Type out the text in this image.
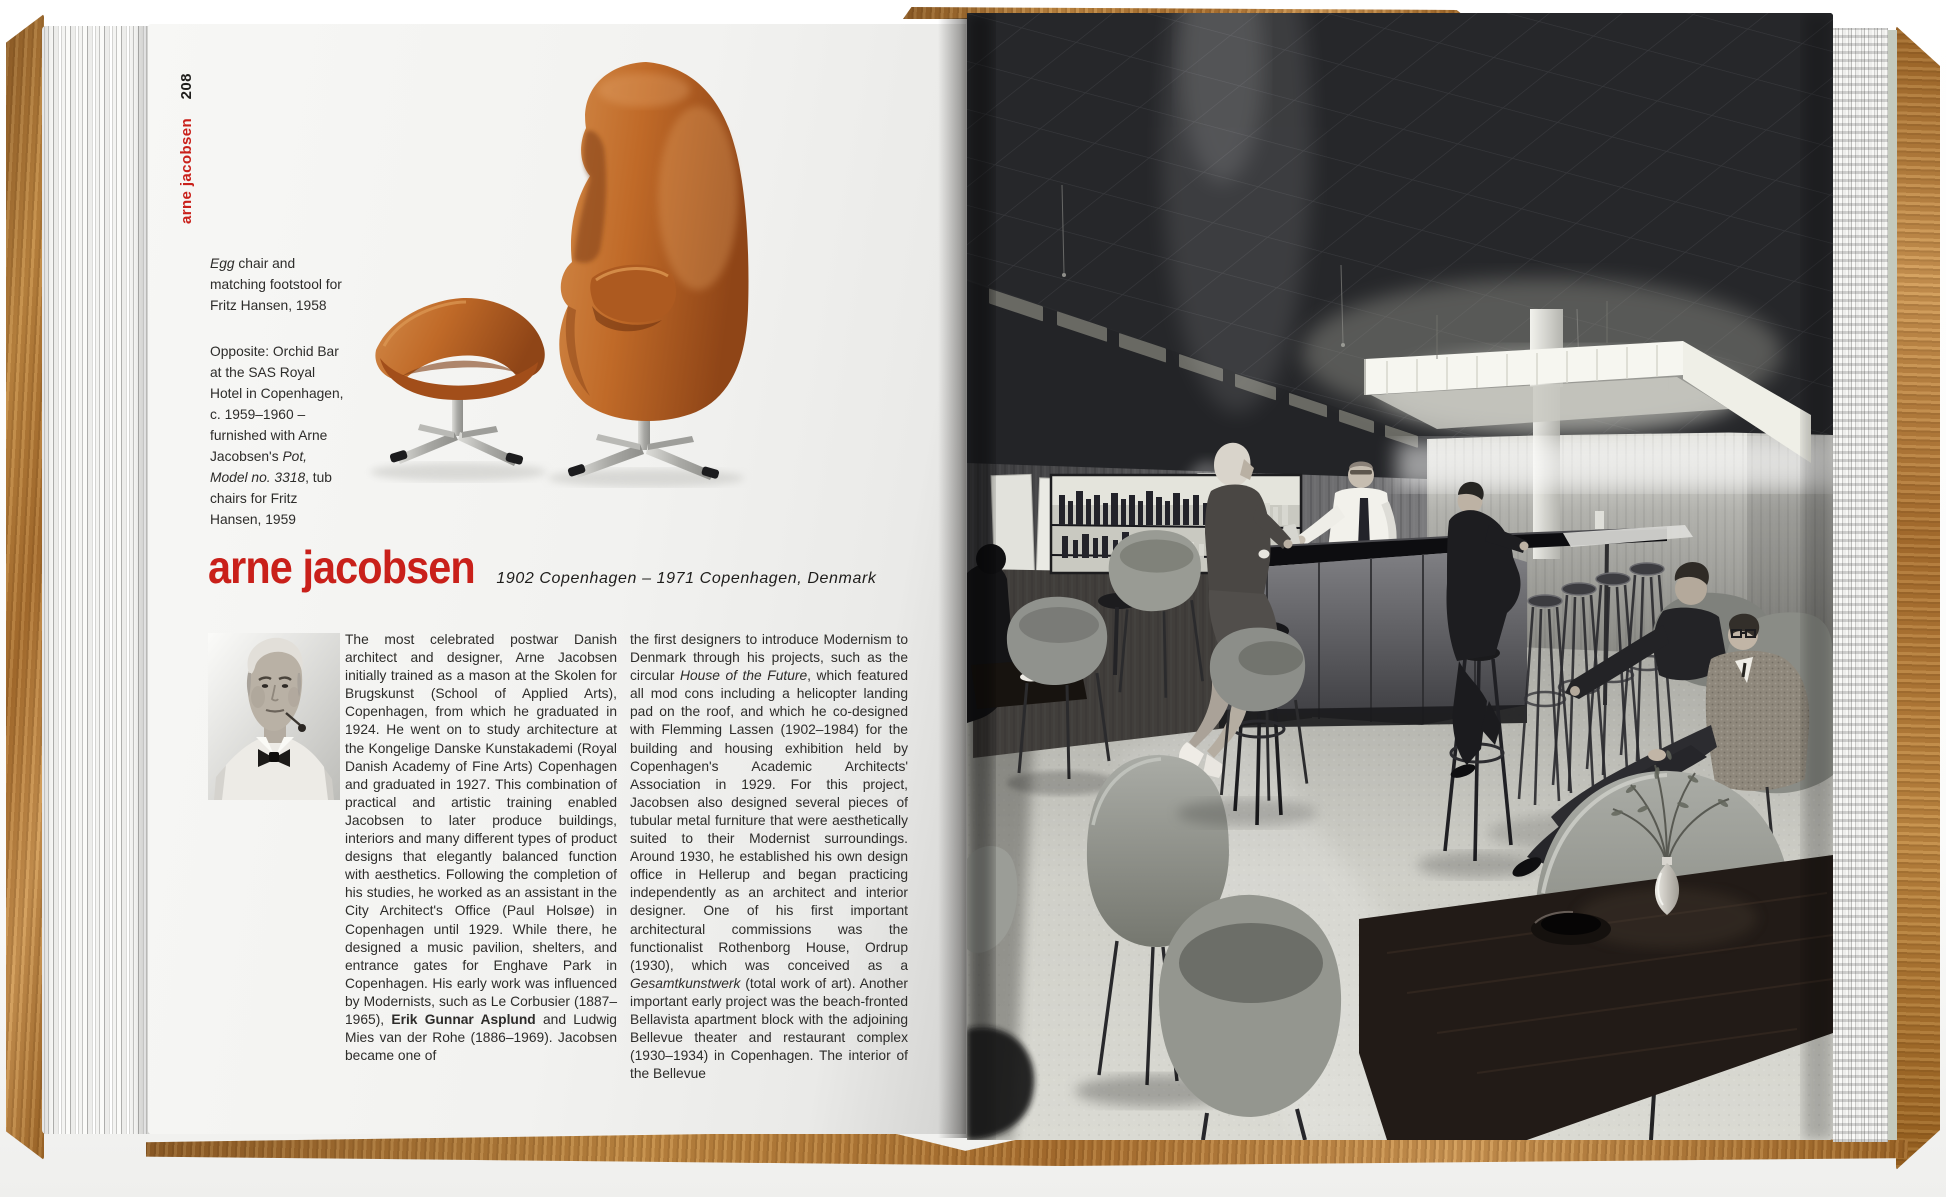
arne jacobsen 208
Egg chair and matching footstool for Fritz Hansen, 1958
Opposite: Orchid Bar at the SAS Royal Hotel in Copenhagen, c. 1959–1960 – furnished with Arne Jacobsen's Pot, Model no. 3318, tub chairs for Fritz Hansen, 1959
arne jacobsen 1902 Copenhagen – 1971 Copenhagen, Denmark
The most celebrated postwar Danish architect and designer, Arne Jacobsen initially trained as a mason at the Skolen for Brugskunst (School of Applied Arts), Copenhagen, from which he graduated in 1924. He went on to study architecture at the Kongelige Danske Kunstakademi (Royal Danish Academy of Fine Arts) Copenhagen and graduated in 1927. This combination of practical and artistic training enabled Jacobsen to later produce buildings, interiors and many different types of product designs that elegantly balanced function with aesthetics. Following the completion of his studies, he worked as an assistant in the City Architect's Office (Paul Holsøe) in Copenhagen until 1929. While there, he designed a music pavilion, shelters, and entrance gates for Enghave Park in Copenhagen. His early work was influenced by Modernists, such as Le Corbusier (1887–1965), Erik Gunnar Asplund and Ludwig Mies van der Rohe (1886–1969). Jacobsen became one of
the first designers to introduce Modernism to Denmark through his projects, such as the circular House of the Future, which featured all mod cons including a helicopter landing pad on the roof, and which he co-designed with Flemming Lassen (1902–1984) for the building and housing exhibition held by Copenhagen's Academic Architects' Association in 1929. For this project, Jacobsen also designed several pieces of tubular metal furniture that were aesthetically suited to their Modernist surroundings. Around 1930, he established his own design office in Hellerup and began practicing independently as an architect and interior designer. One of his first important architectural commissions was the functionalist Rothenborg House, Ordrup (1930), which was conceived as a Gesamtkunstwerk (total work of art). Another important early project was the beach-fronted Bellavista apartment block with the adjoining Bellevue theater and restaurant complex (1930–1934) in Copenhagen. The interior of the Bellevue
